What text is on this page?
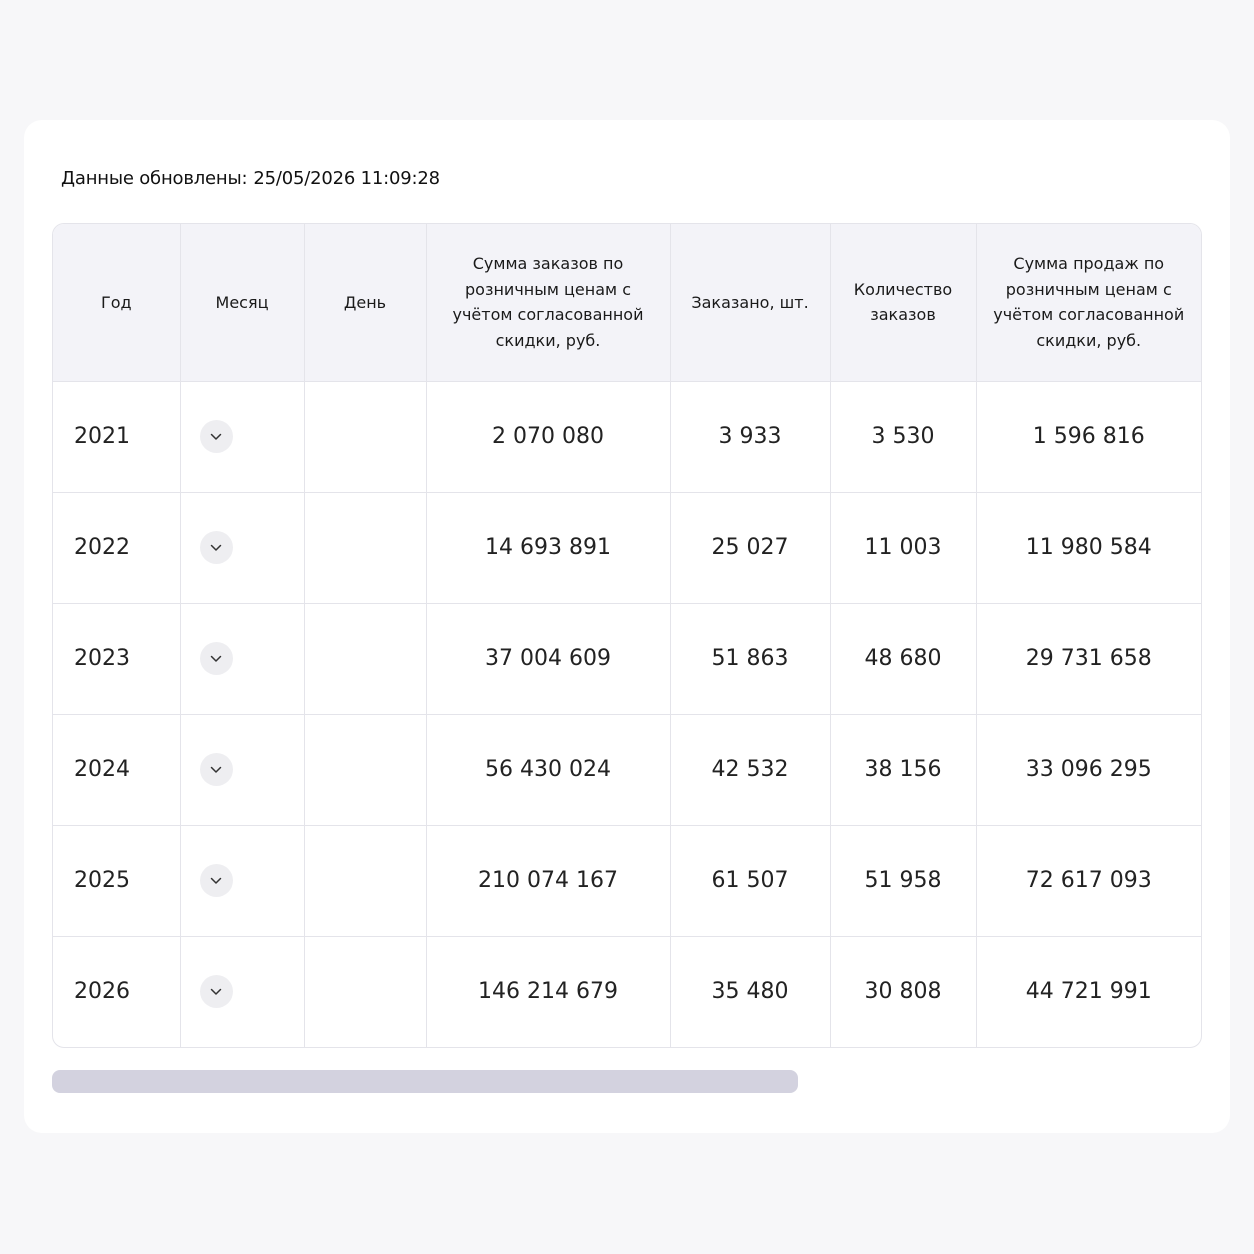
Данные обновлены: 25/05/2026 11:09:28
Год	Месяц	День	Сумма заказов по розничным ценам с учётом согласованной скидки, руб.	Заказано, шт.	Количество заказов	Сумма продаж по розничным ценам с учётом согласованной скидки, руб.
2021			2 070 080	3 933	3 530	1 596 816
2022			14 693 891	25 027	11 003	11 980 584
2023			37 004 609	51 863	48 680	29 731 658
2024			56 430 024	42 532	38 156	33 096 295
2025			210 074 167	61 507	51 958	72 617 093
2026			146 214 679	35 480	30 808	44 721 991
